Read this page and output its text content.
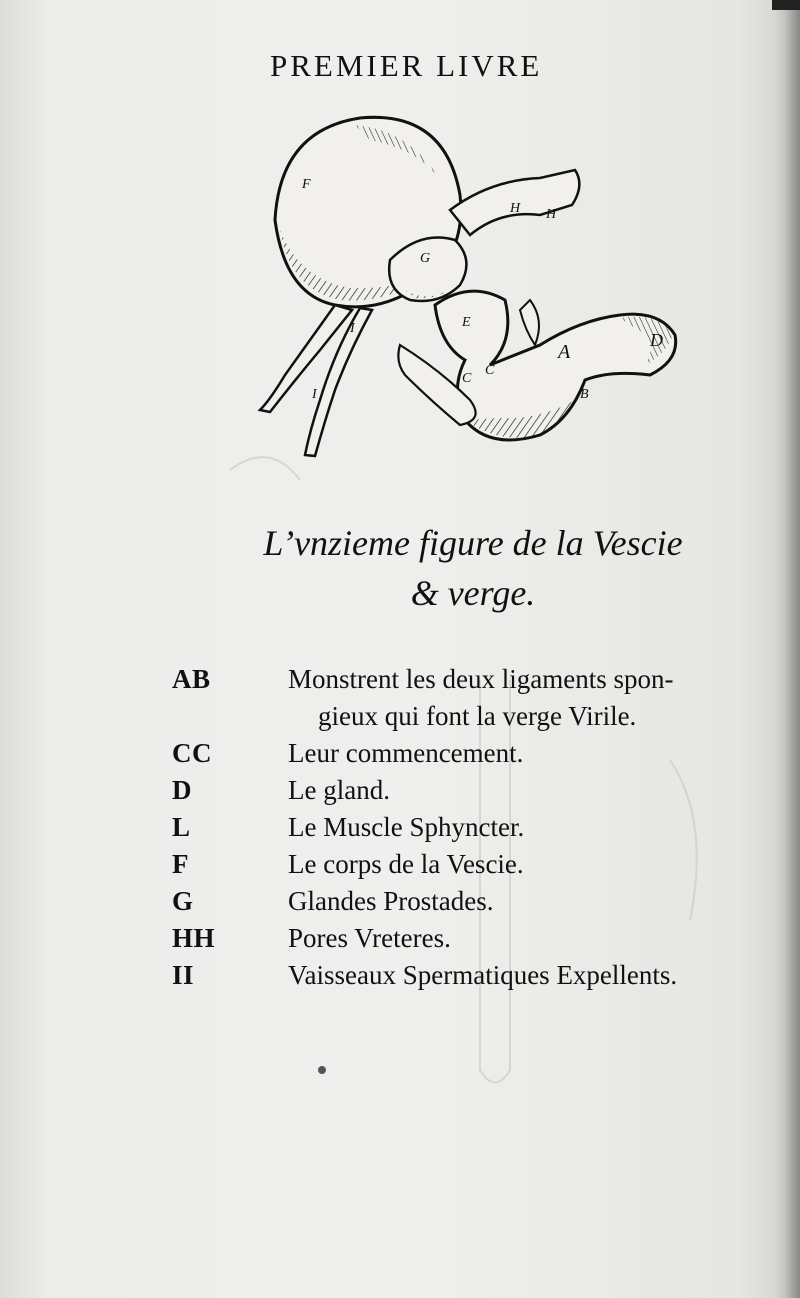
PREMIER LIVRE
F
G
H H
I
I
E
C
C
A
B
D
L’vnzieme figure de la Vescie
& verge.
AB	Monstrent les deux ligaments spon-
gieux qui font la verge Virile.
CC	Leur commencement.
D	Le gland.
L	Le Muscle Sphyncter.
F	Le corps de la Vescie.
G	Glandes Prostades.
HH	Pores Vreteres.
II	Vaisseaux Spermatiques Expellents.
